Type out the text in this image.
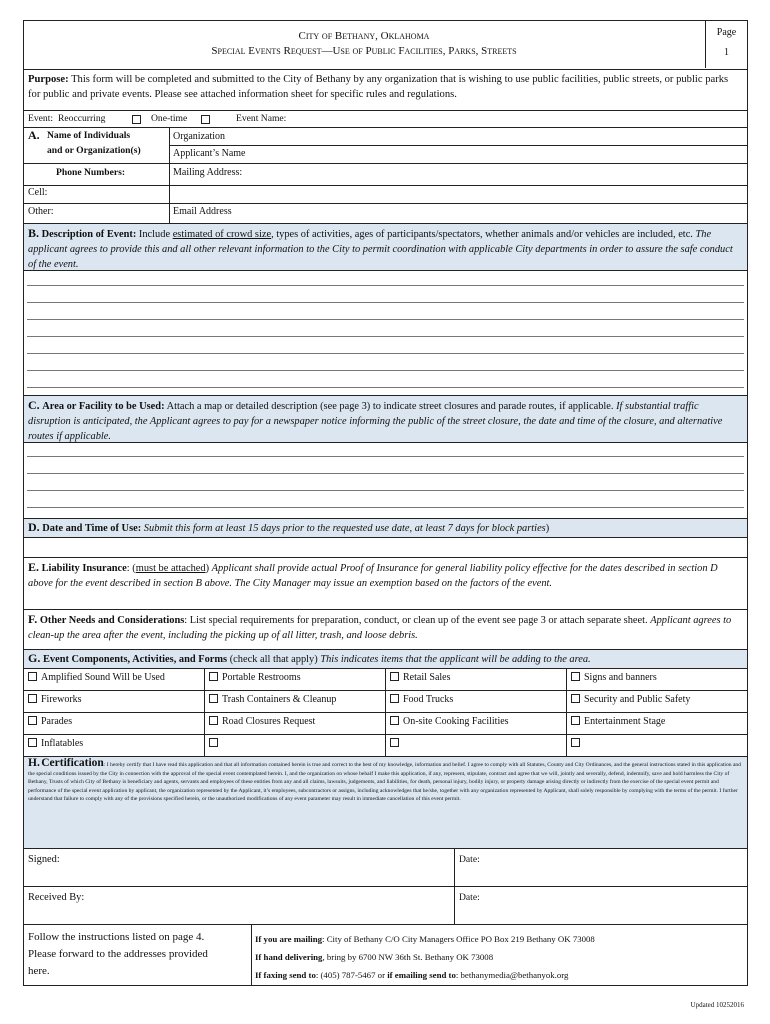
City of Bethany, Oklahoma
Special Events Request—Use of Public Facilities, Parks, Streets
Page
1
Purpose: This form will be completed and submitted to the City of Bethany by any organization that is wishing to use public facilities, public streets, or public parks for public and private events. Please see attached information sheet for specific rules and regulations.
Event: Reoccurring	One-time	Event Name:
A. Name of Individuals
and or Organization(s)
Organization
Applicant’s Name
Phone Numbers:	Mailing Address:
Cell:
Other:	Email Address
B. Description of Event: Include estimated of crowd size, types of activities, ages of participants/spectators, whether animals and/or vehicles are included, etc. The applicant agrees to provide this and all other relevant information to the City to permit coordination with applicable City departments in order to assure the safe conduct of the event.
C. Area or Facility to be Used: Attach a map or detailed description (see page 3) to indicate street closures and parade routes, if applicable. If substantial traffic disruption is anticipated, the Applicant agrees to pay for a newspaper notice informing the public of the street closure, the date and time of the closure, and alternative routes if applicable.
D. Date and Time of Use: Submit this form at least 15 days prior to the requested use date, at least 7 days for block parties)
E. Liability Insurance: (must be attached) Applicant shall provide actual Proof of Insurance for general liability policy effective for the dates described in section D above for the event described in section B above. The City Manager may issue an exemption based on the factors of the event.
F. Other Needs and Considerations: List special requirements for preparation, conduct, or clean up of the event see page 3 or attach separate sheet. Applicant agrees to clean-up the area after the event, including the picking up of all litter, trash, and loose debris.
G. Event Components, Activities, and Forms (check all that apply) This indicates items that the applicant will be adding to the area.
Amplified Sound Will be Used	Portable Restrooms	Retail Sales	Signs and banners
Fireworks	Trash Containers & Cleanup	Food Trucks	Security and Public Safety
Parades	Road Closures Request	On-site Cooking Facilities	Entertainment Stage
Inflatables
H. Certification: I hereby certify that I have read this application and that all information contained herein is true and correct to the best of my knowledge, information and belief. I agree to comply with all Statutes, County and City Ordinances, and the general instructions stated in this application and the special conditions issued by the City in connection with the approval of the special event contemplated herein. I, and the organization on whose behalf I make this application, if any, represent, stipulate, contract and agree that we will, jointly and severally, defend, indemnify, save and hold harmless the City of Bethany, Trusts of which City of Bethany is beneficiary and agents, servants and employees of these entities from any and all claims, lawsuits, judgements, and liabilities, for death, personal injury, bodily injury, or property damage arising directly or indirectly from the exercise of the special event permit and performance of the special event application by applicant, the organization represented by the Applicant, it’s employees, subcontractors or assigns, including acknowledges that he/she, together with any organization represented by Applicant, shall solely responsible by complying with the terms of the permit. I further understand that failure to comply with any of the provisions specified herein, or the unauthorized modifications of any event parameter may result in immediate cancellation of this event permit.
Signed:	Date:
Received By:	Date:
Follow the instructions listed on page 4.
Please forward to the addresses provided
here.
If you are mailing: City of Bethany C/O City Managers Office PO Box 219 Bethany OK 73008
If hand delivering, bring by 6700 NW 36th St. Bethany OK 73008
If faxing send to: (405) 787-5467 or if emailing send to: bethanymedia@bethanyok.org
Updated 10252016
